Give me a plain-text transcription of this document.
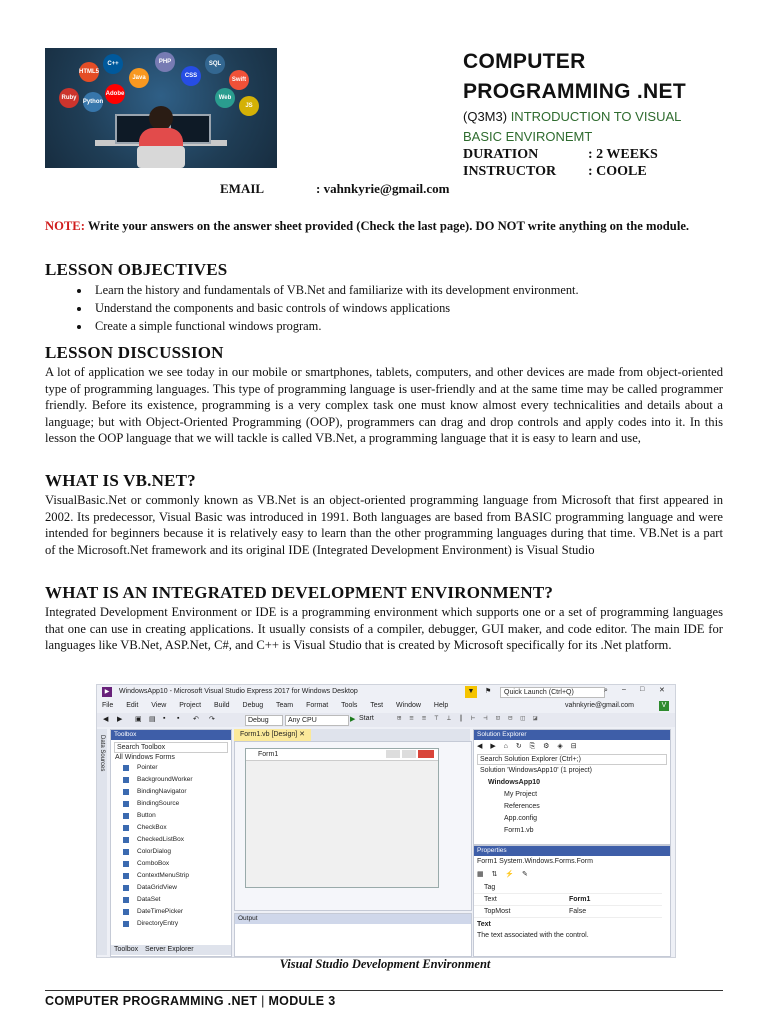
HTML5
C++
Java
PHP
CSS
SQL
Swift
Ruby
Python
JS
Web
Adobe
COMPUTER
PROGRAMMING .NET
(Q3M3) INTRODUCTION TO VISUAL
BASIC ENVIRONEMT
DURATION	: 2 WEEKS
INSTRUCTOR : COOLE
EMAIL	: vahnkyrie@gmail.com
NOTE: Write your answers on the answer sheet provided (Check the last page). DO NOT write anything on the module.
LESSON OBJECTIVES
• Learn the history and fundamentals of VB.Net and familiarize with its development environment.
• Understand the components and basic controls of windows applications
• Create a simple functional windows program.
LESSON DISCUSSION
A lot of application we see today in our mobile or smartphones, tablets, computers, and other devices are made from object-oriented type of programming languages. This type of programming language is user-friendly and at the same time may be called programmer friendly. Before its existence, programming is a very complex task one must know almost every technicalities and details about a language; but with Object-Oriented Programming (OOP), programmers can drag and drop controls and apply codes into it. In this lesson the OOP language that we will tackle is called VB.Net, a programming language that it is easy to learn and use,
WHAT IS VB.NET?
VisualBasic.Net or commonly known as VB.Net is an object-oriented programming language from Microsoft that first appeared in 2002. Its predecessor, Visual Basic was introduced in 1991. Both languages are based from BASIC programming language and were intended for beginners because it is relatively easy to learn than the other programming languages during that time. VB.Net is a part of the Microsoft.Net framework and its original IDE (Integrated Development Environment) is Visual Studio
WHAT IS AN INTEGRATED DEVELOPMENT ENVIRONMENT?
Integrated Development Environment or IDE is a programming environment which supports one or a set of programming languages that one can use in creating applications. It usually consists of a compiler, debugger, GUI maker, and code editor. The main IDE for languages like VB.Net, ASP.Net, C#, and C++ is Visual Studio that is created by Microsoft specifically for its .Net platform.
▶	WindowsApp10 - Microsoft Visual Studio Express 2017 for Windows Desktop	▼	⚑	Quick Launch (Ctrl+Q)	⌕ – □ ✕
File Edit View Project Build Debug Team Format Tools Test Window Help	vahnkyrie@gmail.com	V
◀ ▶ ▣ ▤ ▪ ▪ ↶ ↷	Debug	Any CPU	▶ Start	⊞ ≡ ≡ ⊤ ⊥ ∥ ⊢ ⊣ ⊡ ⊟ ◫ ◪
Data Sources
Toolbox
Search Toolbox
All Windows Forms
Pointer
BackgroundWorker
BindingNavigator
BindingSource
Button
CheckBox
CheckedListBox
ColorDialog
ComboBox
ContextMenuStrip
DataGridView
DataSet
DateTimePicker
DirectoryEntry
Toolbox Server Explorer
Form1.vb [Design] ✕
Form1
Output
Solution Explorer
◀ ▶ ⌂ ↻ ⎘ ⚙ ◈ ⊟
Search Solution Explorer (Ctrl+;)
Solution 'WindowsApp10' (1 project)
WindowsApp10
My Project
References
App.config
Form1.vb
Properties
Form1 System.Windows.Forms.Form
▦ ⇅ ⚡ ✎
Tag
Text	Form1
TopMost	False
Text
The text associated with the control.
Visual Studio Development Environment
COMPUTER PROGRAMMING .NET | MODULE 3
